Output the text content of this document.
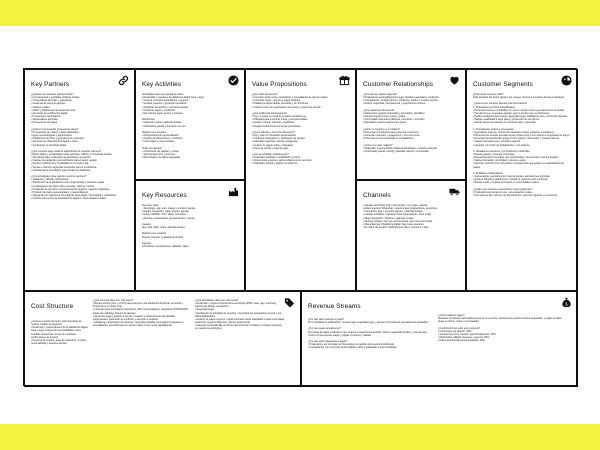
Key Partners
¿Quiénes son nuestros partners clave?
• Ayuntamientos y entidades públicas locales.
• Cooperativas agrícolas y ganaderas.
• Gestorías de seguros agrarios.
• Startups rurales.
• ONGs y plataformas de desarrollo rural.
• Asesorías de certificación digital.
• Proveedores tecnológicos.
• Marketplaces agrícolas.
• Proveedores de pagos.

¿Quiénes son nuestros proveedores clave?
• Proveedores de mapas y datos catastrales.
• Apps meteorológicas y agronómicas.
• Plataformas de firma y generación de contratos.
• Servicios de infraestructura digital y cloud.
• Verificación de identidad digital.

¿Qué recursos clave estamos adquiriendo de nuestros partners?
• Datos fiables y actualizados sobre parcelas, cultivos y normativas locales.
• Tecnología para verificación de identidad y reputación.
• Canales de captación personalizados para el sector agrario.
• Soporte institucional y credibilidad en el medio rural.
• Ventas e inserción agrícolas integrados para el ecosistema.
• Infraestructura tecnológica para escalar la plataforma.

¿Qué actividades clave realizan nuestros partners?
• Validación y difusión institucional.
• Distribución de la plataforma entre cooperativas y usuarios rurales.
• Cesión/acceso de datos sobre parcelas, cultivos y tierras.
• Prestación de servicios complementarios (seguros, asesoría, logística).
• Provisión de datos geoespaciales y meteorológicos.
• Integración de soluciones tecnológicas para pagos, firma digital y verificación.
• Impulso para el uso de la plataforma digital en comunidades rurales.
Key Activities
Actividades clave (propuesta de valor)
• Desarrollar y mantener la plataforma digital (web + app).
• Generar contratos automáticos y seguros.
• Verificar usuarios y gestionar reputación.
• Actualizar contenidos y normativa agraria.
• Gestionar pagos y mediación.
• Dar soporte legal, técnico y humano.

Distribución
• Captación online y alianzas locales.
• Onboarding guiado y formación en uso.

Relación con usuarios
• Acompañamiento personalizado.
• Gestión de valoraciones y conflictos.
• Comunidad y redes sociales.

Flujos de ingresos
• Comisiones por alquiler y ventas.
• Suscripciones Pro y premium.
• Monetización de datos agregados.
Key Resources
Recursos clave
• Tecnología: app, web, mapas, contratos, alertas.
• Equipo: Desarrollo, legal, soporte, agente.
• Datos: SIGPAC, PAC, clima, normativa.
• Alianzas: cooperativas, ayuntamientos y socios.

Canales
App, web, SEO, redes, alianzas locales.

Relación con usuarios
Soporte humano y plataforma intuitiva.

Ingresos
Comisiones, suscripciones, afiliados, datos.
Value Propositions
¿Qué valor ofrecemos?
• Conexión simple entre propietarios y arrendatarios de tierras rurales.
• Contratos claros, seguros y pagos flexibles.
• Plataforma digital rápida, accesible y sin fricciones.
• Impacto rural real: reactivación del campo y economía circular.

¿Qué problemas solucionamos?
• Hoy no existe un canal de contacto transparente.
• Dificultad para encontrar fincas y personas fiables.
• Gestión manual, informal y conflictiva.
• Desaprovechamiento de tierras productivas.

¿Qué productos y servicios ofrecemos?
• App y web con buscador geolocalizado.
• Contratos automáticos + verificación de perfiles.
• Calendario agrícola y alertas inteligentes.
• Gestión de pagos online y traspasos.
• Panel de control y soporte legal.

¿Qué necesidades satisfacemos?
• Seguridad, facilidad, confiabilidad y control.
• Acceso justo a tierras y aprovechamiento de recursos.
• Visibilidad, control y gestión sin esfuerzo.
Customer Relationships
¿Qué tipo de relación esperan?
• Propietarios: acompañamiento legal, claridad, seguridad y confianza.
• Arrendatarios: contacto directo, confianza, rapidez y soporte técnico.
• Ambos: seguridad, transparencia y seguimiento cercano.

¿Qué relaciones ofrecemos?
• Autoservicio guiado (onboarding, formularios, plantillas).
• Soporte humano (chat, correo, redes).
• Comunidad local activa (alianzas, incentivos y eventos).
• Reputación interna segura entre pares.

¿Cómo se integran en el modelo?
• Refuerzan la confianza clave para usar el servicio.
• Aumentan retención, engagement y uso recurrente.
• Potencian el uso continuado en la plataforma.

¿Cuál es su coste relativo?
• Moderado: sistema híbrido digital automatizado + soporte personal.
• Optimizado gracias a FAQs, plantillas, alertas y comunidad.
Channels
• Canales preferidos: App o web simple, con mapa y alertas.
• Alcance actual: WhatsApp / redes locales (cooperativas, gestorías).
• Integración: App + asesoría agraria + alianzas locales.
• Canales rentables: Captación local (cooperativas, boca oreja).
• Mejor integración: Telefono y alianzas rurales.
• Mejores canales: App que permita alerta, web para comunidad.
• Más eficientes: Plataforma digital, bajo coste operativo.
• En rutina del usuario: Notificaciones útiles, soporte 1:1 fácil.
Customer Segments
¿Para quién creamos valor?
Para usuarios del sector agrario que poseen, buscan o necesitan tierras productivas.

¿Quiénes son nuestros clientes más importantes?
1. Propietarios de fincas infrautilizadas
• Personas mayores o jubiladas, con poco o ningún relevo generacional en la familia.
• Herederos que no pueden atender, pero si sienten que es patrimonio.
• Perfiles prudentes que buscan: seguridad legal, facilidad de uso y control de ingresos.
• Valoran estabilidad a largo plazo y protección de sus tierras.
• Alquiler de fincas rústicas, con contrato claro y garantías.

2. Arrendatarios rurales y emergentes
• Agricultores jóvenes, microemprendedores rurales, pastores, mercaderes.
• Personas que buscan arrendar tierras a bajo coste o con acceso a programas de apoyo.
• Necesitan acceso flexible (pago a buen precio), información y contacto directo.
• Valoran transparencia y contratos seguros.
• Usuarios con visión de digitalización y uso práctico.

3. Ganaderos extensivos y de producción sostenible
• Buscan pastos y terrenos comunales.
• Requerimientos temporales (por temporadas) y de acuerdo a uso del ganado.
• Valoran ubicación, proximidad y acceso a agua.
• Aprecian conexión con comunidad y herramientas que ayuden a la planificación de pastos.

4. Entidades colaboradoras
• Cooperativas, ayuntamientos, bancos locales, asociaciones agrícolas.
• Quieren difundir la plataforma y mejorar la conexión entre personas.
• Buscan medir y mejorar el impacto en comunidades rurales.

¿Cuáles son nuestros consumidores más importantes?
• Propietarios de tierras sin uso y arrendatarios rurales.
• Son quienes dan volumen de transacciones, generan ingresos y recurrencia.
Cost Structure
¿Cuál es el costo inherente más importante de nuestro modelo de negocio?
• Desarrollo y mantenimiento de la plataforma digital (web y app), incluyendo funcionalidades como entradas interactivas, firmas de contratos, verificaciones de usuario.
• Personal de soporte, tanto de marketing, contacto personalizado y asesoría técnica.
¿Qué recursos clave son más caros?
• Equipo técnico (dev y UX/UI) para mantener una plataforma funcional, accesible y funcional en el medio rural.
• Infraestructura tecnológica (servidores, APIs meteorológicas, integración SIGPAC/PAC, bases de matching, sistema de alertas).
• Asistencia legal y soporte al cliente: creación y mantenimiento de plantillas contractuales, resolución de conflictos y atención a usuarios.
• Marketing y adquisición de usuarios: campañas digitales para captar propietarios y arrendatarios, especialmente en zonas rurales o con menor digitalización.
¿Qué actividades clave son más caras?
• Desarrollo y mejora continua de la tecnología (PWA, base, app, matching, sistema de alertas, reputación).
• Seguridad legal.
• Verificación de identidad de usuarios, especialmente propietarios nuevos y sus datos digitalizados.
• Gestión de pagos seguros y bajos contratos claros adaptados a cada comunidad autónoma, seguros diligentes, soporte documental.
• Adopción personalizada al cliente para fomentar confianza y resolver tensiones en usuarios tecnológicos.
$
Revenue Streams
¿Por qué valor estamos a pagar?
Por la facilidad de publicación, conexión ágil, seguridad legal, y acceso a fórmulas de arrendamiento ajustadas.

¿Por qué pagan actualmente?
Por tareas de bajos rendimiento que requieren seguimiento asistido, obtener seguridad jurídica y una cercana rural en el que apenas pagan y pagan en tiempo y calidad.

¿Por qué están dispuestos a pagar?
• Propietarios: por contratar su finca activa con gestión documental simplificada.
• Arrendatarios: por encontrar oportunidades reales y adaptadas a sus actividades.
¿Cómo prefieren pagar?
Mediante comisiones automáticas al cerrar un acuerdo, suscripciones para funciones avanzadas, y pagos flexibles (pago en último, online o prorrateado).

¿Contribución del valor a los ingresos?
• Comisiones por alquiler: 30%.
• Suscripciones Pro / Gestor: aproximadamente: 25%.
• Marketplace afiliado (insumos, seguros): 15%.
• Datos anonimizados para entidades: 10%.
